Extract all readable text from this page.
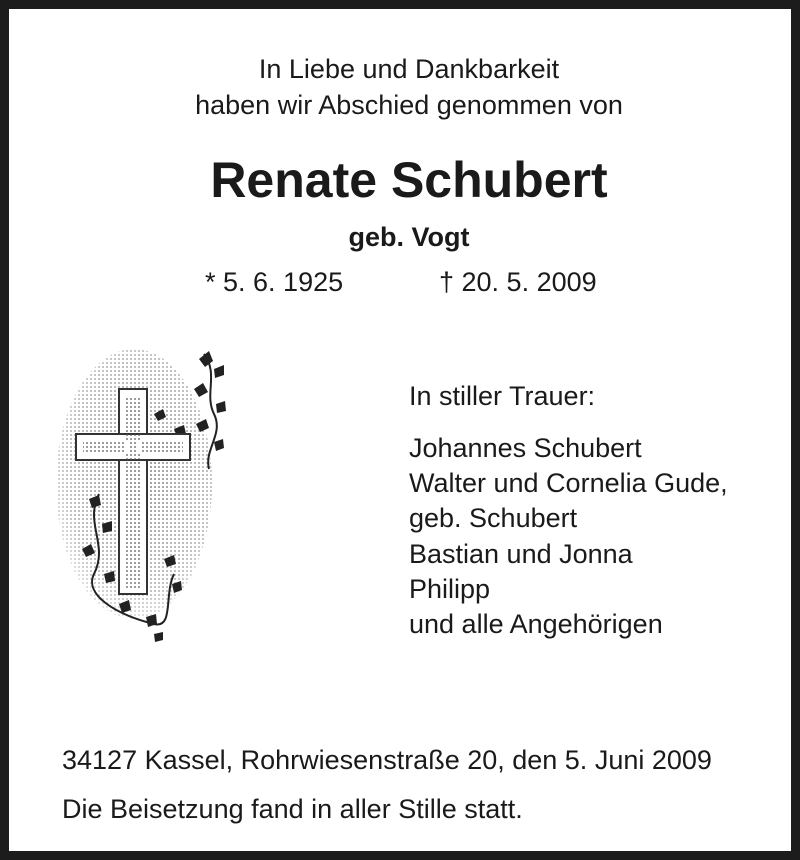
In Liebe und Dankbarkeit
haben wir Abschied genommen von
Renate Schubert
geb. Vogt
* 5. 6. 1925	† 20. 5. 2009
In stiller Trauer:
Johannes Schubert
Walter und Cornelia Gude,
geb. Schubert
Bastian und Jonna
Philipp
und alle Angehörigen
34127 Kassel, Rohrwiesenstraße 20, den 5. Juni 2009
Die Beisetzung fand in aller Stille statt.
